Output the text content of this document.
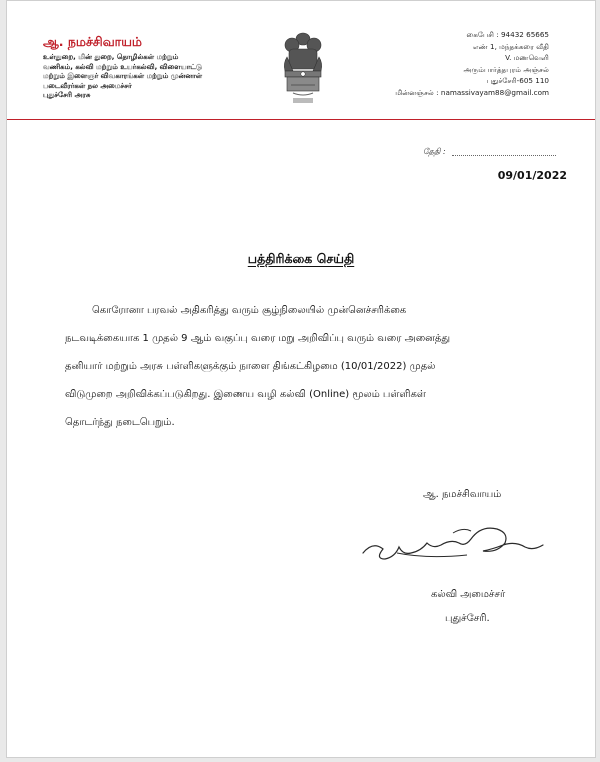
ஆ. நமச்சிவாயம்
உள்துறை, மின் துறை, தொழில்கள் மற்றும்
வணிகம், கல்வி மற்றும் உயர்கல்வி, விளையாட்டு
மற்றும் இளைஞர் விவகாரங்கள் மற்றும் முன்னாள்
படைவீரர்கள் நல அமைச்சர்
புதுச்சேரி அரசு
கைபேசி : 94432 65665
எண் 1, மந்தக்கரை வீதி
V. மணவெளி
அரும்பார்த்தபுரம் அஞ்சல்
புதுச்சேரி-605 110
மின்னஞ்சல் : namassivayam88@gmail.com
தேதி :
09/01/2022
பத்திரிக்கை செய்தி
கொரோனா பரவல் அதிகரித்து வரும் சூழ்நிலையில் முன்னெச்சரிக்கை
நடவடிக்கையாக 1 முதல் 9 ஆம் வகுப்பு வரை மறு அறிவிப்பு வரும் வரை அனைத்து
தனியார் மற்றும் அரசு பள்ளிகளுக்கும் நாளை திங்கட்கிழமை (10/01/2022) முதல்
விடுமுறை அறிவிக்கப்படுகிறது. இணைய வழி கல்வி (Online) மூலம் பள்ளிகள்
தொடர்ந்து நடைபெறும்.
ஆ. நமச்சிவாயம்
கல்வி அமைச்சர்
புதுச்சேரி.
